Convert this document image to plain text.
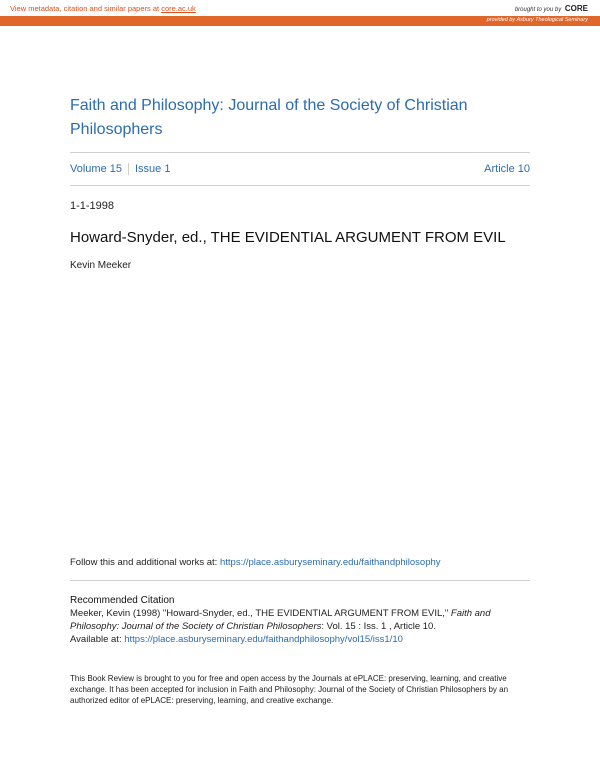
View metadata, citation and similar papers at core.ac.uk	brought to you by CORE
provided by Asbury Theological Seminary
Faith and Philosophy: Journal of the Society of Christian Philosophers
Volume 15 Issue 1	Article 10
1-1-1998
Howard-Snyder, ed., THE EVIDENTIAL ARGUMENT FROM EVIL
Kevin Meeker
Follow this and additional works at: https://place.asburyseminary.edu/faithandphilosophy
Recommended Citation
Meeker, Kevin (1998) "Howard-Snyder, ed., THE EVIDENTIAL ARGUMENT FROM EVIL," Faith and Philosophy: Journal of the Society of Christian Philosophers: Vol. 15 : Iss. 1 , Article 10.
Available at: https://place.asburyseminary.edu/faithandphilosophy/vol15/iss1/10
This Book Review is brought to you for free and open access by the Journals at ePLACE: preserving, learning, and creative exchange. It has been accepted for inclusion in Faith and Philosophy: Journal of the Society of Christian Philosophers by an authorized editor of ePLACE: preserving, learning, and creative exchange.
